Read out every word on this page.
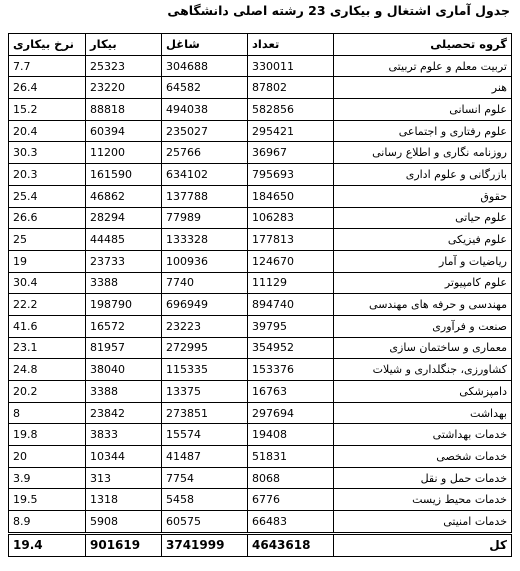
جدول آماری اشتغال و بیکاری 23 رشته اصلی دانشگاهی
نرخ بیکاری	بیکار	شاغل	تعداد	گروه تحصیلی
7.7	25323	304688	330011	تربیت معلم و علوم تربیتی
26.4	23220	64582	87802	هنر
15.2	88818	494038	582856	علوم انسانی
20.4	60394	235027	295421	علوم رفتاری و اجتماعی
30.3	11200	25766	36967	روزنامه نگاری و اطلاع رسانی
20.3	161590	634102	795693	بازرگانی و علوم اداری
25.4	46862	137788	184650	حقوق
26.6	28294	77989	106283	علوم حیاتی
25	44485	133328	177813	علوم فیزیکی
19	23733	100936	124670	ریاضیات و آمار
30.4	3388	7740	11129	علوم کامپیوتر
22.2	198790	696949	894740	مهندسی و حرفه های مهندسی
41.6	16572	23223	39795	صنعت و فرآوری
23.1	81957	272995	354952	معماری و ساختمان سازی
24.8	38040	115335	153376	کشاورزی، جنگلداری و شیلات
20.2	3388	13375	16763	دامپزشکی
8	23842	273851	297694	بهداشت
19.8	3833	15574	19408	خدمات بهداشتی
20	10344	41487	51831	خدمات شخصی
3.9	313	7754	8068	خدمات حمل و نقل
19.5	1318	5458	6776	خدمات محیط زیست
8.9	5908	60575	66483	خدمات امنیتی
19.4	901619	3741999	4643618	کل
